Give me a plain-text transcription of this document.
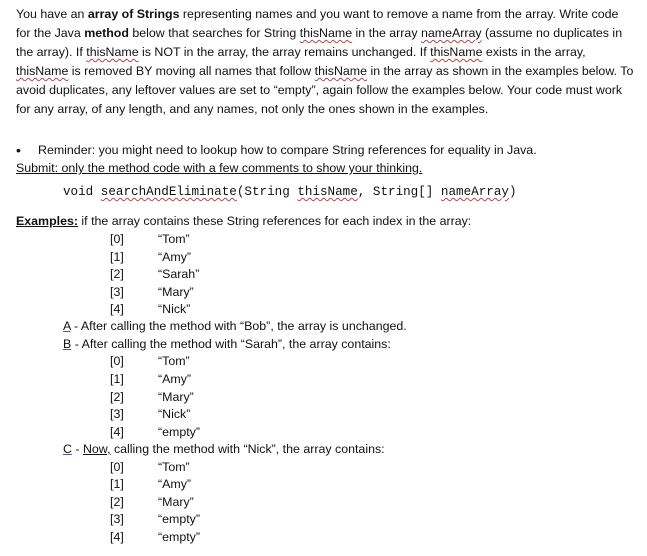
You have an array of Strings representing names and you want to remove a name from the array. Write code for the Java method below that searches for String thisName in the array nameArray (assume no duplicates in the array). If thisName is NOT in the array, the array remains unchanged. If thisName exists in the array, thisName is removed BY moving all names that follow thisName in the array as shown in the examples below. To avoid duplicates, any leftover values are set to “empty”, again follow the examples below. Your code must work for any array, of any length, and any names, not only the ones shown in the examples.
• Reminder: you might need to lookup how to compare String references for equality in Java.
Submit: only the method code with a few comments to show your thinking.
void searchAndEliminate(String thisName, String[] nameArray)
Examples: if the array contains these String references for each index in the array:
[0]	“Tom”
[1]	“Amy”
[2]	“Sarah”
[3]	“Mary”
[4]	“Nick”
A - After calling the method with “Bob”, the array is unchanged.
B - After calling the method with “Sarah”, the array contains:
[0]	“Tom”
[1]	“Amy”
[2]	“Mary”
[3]	“Nick”
[4]	“empty”
C - Now, calling the method with “Nick”, the array contains:
[0]	“Tom”
[1]	“Amy”
[2]	“Mary”
[3]	“empty”
[4]	“empty”
